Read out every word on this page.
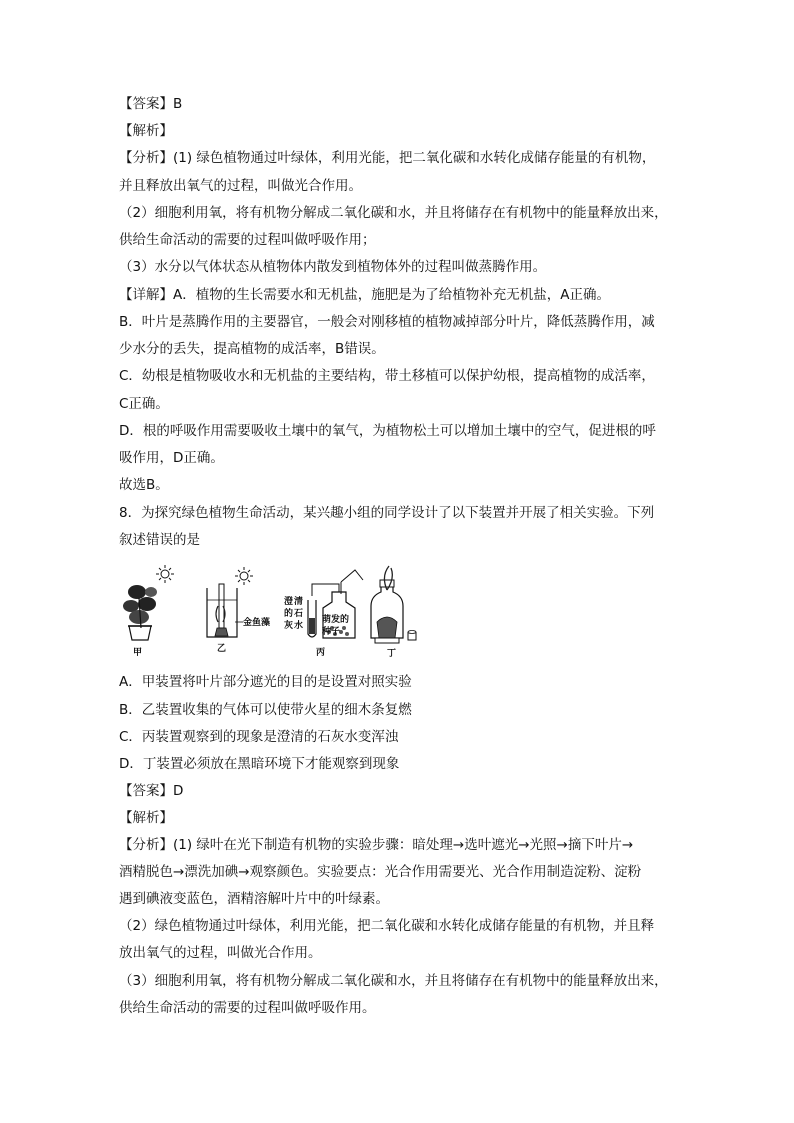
【答案】B
【解析】
【分析】(1) 绿色植物通过叶绿体，利用光能，把二氧化碳和水转化成储存能量的有机物，
并且释放出氧气的过程，叫做光合作用。
（2）细胞利用氧，将有机物分解成二氧化碳和水，并且将储存在有机物中的能量释放出来，
供给生命活动的需要的过程叫做呼吸作用；
（3）水分以气体状态从植物体内散发到植物体外的过程叫做蒸腾作用。
【详解】A．植物的生长需要水和无机盐，施肥是为了给植物补充无机盐，A正确。
B．叶片是蒸腾作用的主要器官，一般会对刚移植的植物减掉部分叶片，降低蒸腾作用，减
少水分的丢失，提高植物的成活率，B错误。
C．幼根是植物吸收水和无机盐的主要结构，带土移植可以保护幼根，提高植物的成活率，
C正确。
D．根的呼吸作用需要吸收土壤中的氧气，为植物松土可以增加土壤中的空气，促进根的呼
吸作用，D正确。
故选B。
8．为探究绿色植物生命活动，某兴趣小组的同学设计了以下装置并开展了相关实验。下列
叙述错误的是
甲
金鱼藻
乙
澄 清
的 石
灰 水
萌发的
种子
丙	丁
A．甲装置将叶片部分遮光的目的是设置对照实验
B．乙装置收集的气体可以使带火星的细木条复燃
C．丙装置观察到的现象是澄清的石灰水变浑浊
D．丁装置必须放在黑暗环境下才能观察到现象
【答案】D
【解析】
【分析】(1) 绿叶在光下制造有机物的实验步骤：暗处理→选叶遮光→光照→摘下叶片→
酒精脱色→漂洗加碘→观察颜色。实验要点：光合作用需要光、光合作用制造淀粉、淀粉
遇到碘液变蓝色，酒精溶解叶片中的叶绿素。
（2）绿色植物通过叶绿体，利用光能，把二氧化碳和水转化成储存能量的有机物，并且释
放出氧气的过程，叫做光合作用。
（3）细胞利用氧，将有机物分解成二氧化碳和水，并且将储存在有机物中的能量释放出来，
供给生命活动的需要的过程叫做呼吸作用。
